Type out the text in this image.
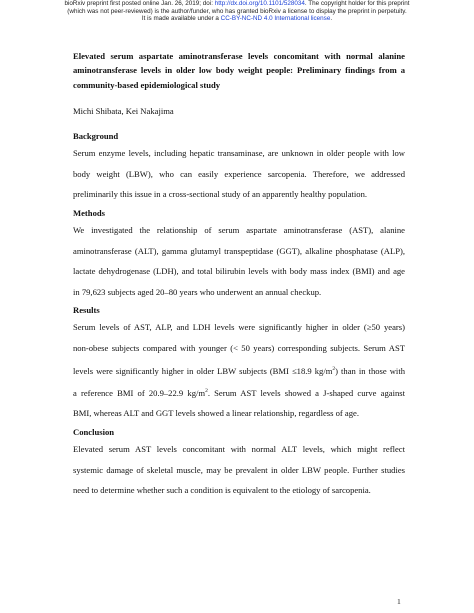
bioRxiv preprint first posted online Jan. 26, 2019; doi: http://dx.doi.org/10.1101/528034. The copyright holder for this preprint
(which was not peer-reviewed) is the author/funder, who has granted bioRxiv a license to display the preprint in perpetuity.
It is made available under a CC-BY-NC-ND 4.0 International license.
Elevated serum aspartate aminotransferase levels concomitant with normal alanine
aminotransferase levels in older low body weight people: Preliminary findings from a
community-based epidemiological study
Michi Shibata, Kei Nakajima
Background
Serum enzyme levels, including hepatic transaminase, are unknown in older people with low
body weight (LBW), who can easily experience sarcopenia. Therefore, we addressed
preliminarily this issue in a cross-sectional study of an apparently healthy population.
Methods
We investigated the relationship of serum aspartate aminotransferase (AST), alanine
aminotransferase (ALT), gamma glutamyl transpeptidase (GGT), alkaline phosphatase (ALP),
lactate dehydrogenase (LDH), and total bilirubin levels with body mass index (BMI) and age
in 79,623 subjects aged 20–80 years who underwent an annual checkup.
Results
Serum levels of AST, ALP, and LDH levels were significantly higher in older (≥50 years)
non-obese subjects compared with younger (< 50 years) corresponding subjects. Serum AST
levels were significantly higher in older LBW subjects (BMI ≤18.9 $kg/m^2$) than in those with
a reference BMI of 20.9–22.9 $kg/m^2$. Serum AST levels showed a J-shaped curve against
BMI, whereas ALT and GGT levels showed a linear relationship, regardless of age.
Conclusion
Elevated serum AST levels concomitant with normal ALT levels, which might reflect
systemic damage of skeletal muscle, may be prevalent in older LBW people. Further studies
need to determine whether such a condition is equivalent to the etiology of sarcopenia.
1
